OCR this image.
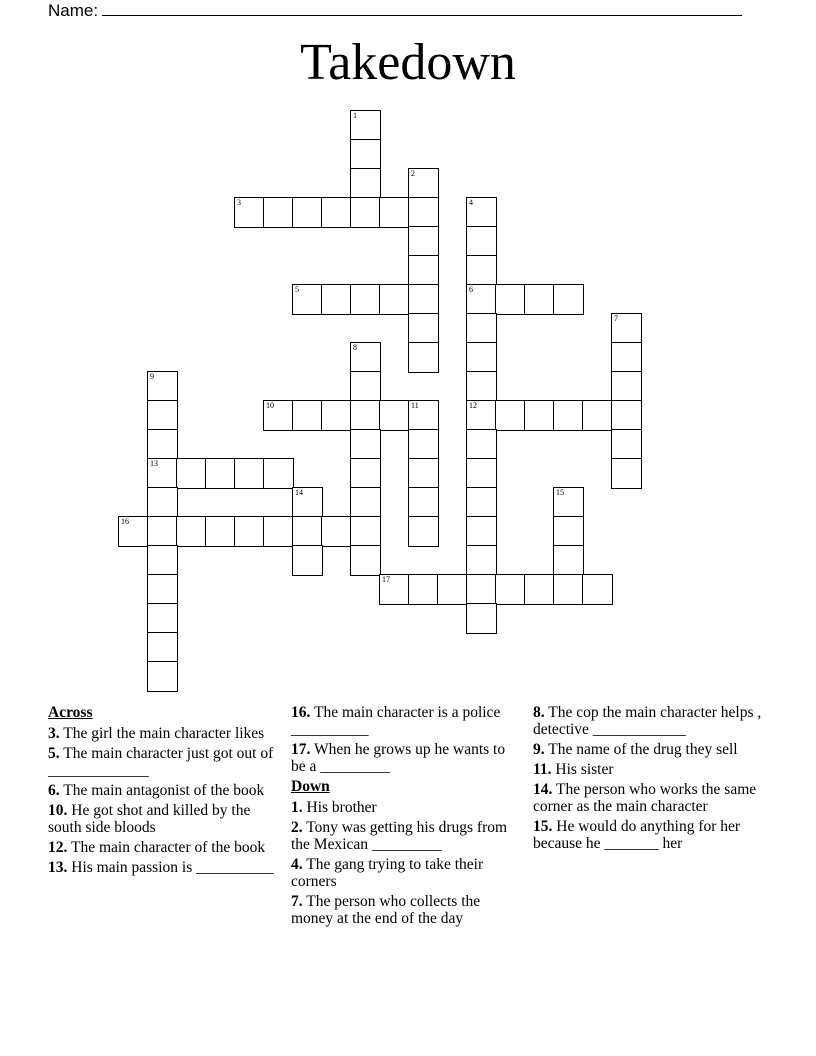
Name:
Takedown
1
2
3	4
5	6
7
8
9
10	11	12
13
14	15
16
17
Across
3. The girl the main character likes
5. The main character just got out of _____________
6. The main antagonist of the book
10. He got shot and killed by the south side bloods
12. The main character of the book
13. His main passion is __________
16. The main character is a police __________
17. When he grows up he wants to be a _________
Down
1. His brother
2. Tony was getting his drugs from the Mexican _________
4. The gang trying to take their corners
7. The person who collects the money at the end of the day
8. The cop the main character helps , detective ____________
9. The name of the drug they sell
11. His sister
14. The person who works the same corner as the main character
15. He would do anything for her because he _______ her
